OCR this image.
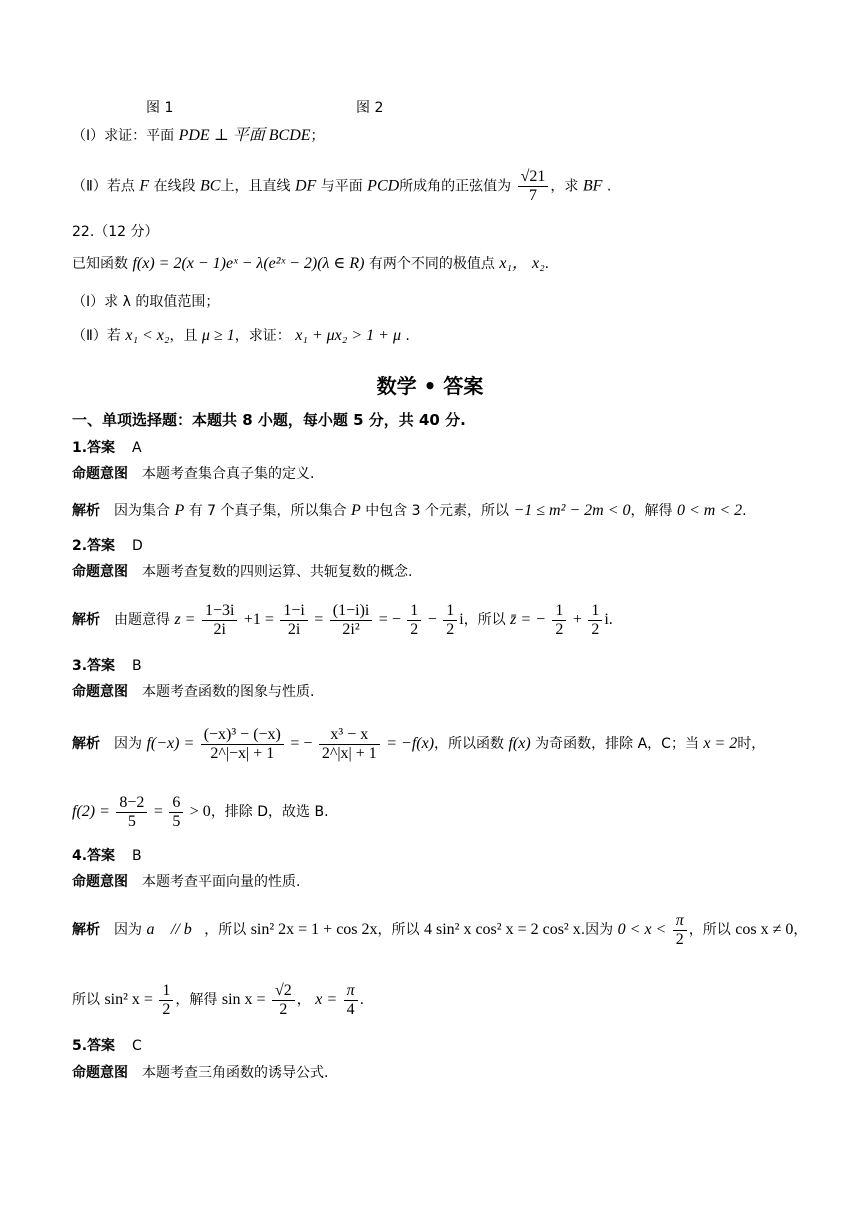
图 1	图 2
（Ⅰ）求证：平面 PDE ⊥ 平面 BCDE；
（Ⅱ）若点 F 在线段 BC上，且直线 DF 与平面 PCD所成角的正弦值为 $\frac{√21}{7}$ ，求 BF .
22.（12 分）
已知函数 f(x) = 2(x − 1)eˣ − λ(e²ˣ − 2)(λ ∈ R) 有两个不同的极值点 x₁， x₂.
（Ⅰ）求 λ 的取值范围；
（Ⅱ）若 x₁ < x₂，且 μ ≥ 1，求证： x₁ + μx₂ > 1 + μ .
数学 • 答案
一、单项选择题：本题共 8 小题，每小题 5 分，共 40 分.
1.答案 A
命题意图 本题考查集合真子集的定义.
解析 因为集合 P 有 7 个真子集，所以集合 P 中包含 3 个元素，所以 −1 ≤ m² − 2m < 0，解得 0 < m < 2.
2.答案 D
命题意图 本题考查复数的四则运算、共轭复数的概念.
解析 由题意得 $z = \frac{1-3i}{2i} +1 = \frac{1-i}{2i} = \frac{(1-i)i}{\text{2i²}}$ = − $\frac{1}{2} - \frac{1}{2}$ i，所以 z̄ = − $\frac{1}{2} + \frac{1}{2} i$.
3.答案 B
命题意图 本题考查函数的图象与性质.
解析 因为 $f(-x) = \frac{\text{(−x)³ − (−x)}}{2\^{}|-x| + 1}$ = − $\frac{\text{x³ − x}}{2\^{}|x| + 1} = -f(x)$，所以函数 f(x) 为奇函数，排除 A，C；当 x = 2时，
$f(2) = \frac{8-2}{5} = \frac{6}{5} > 0$，排除 D，故选 B.
4.答案 B
命题意图 本题考查平面向量的性质.
解析 因为 a⃗ // b⃗，所以 sin² 2x = 1 + cos 2x，所以 4 sin² x cos² x = 2 cos² x.因为 $0 < x < \frac{\pi}{2}$ ，所以 cos x ≠ 0，
所以 sin² $x = \frac{1}{2}$ ，解得 $\sin x = \frac{√2}{2}$ ， $x = \frac{\pi}{4}$ .
5.答案 C
命题意图 本题考查三角函数的诱导公式.
